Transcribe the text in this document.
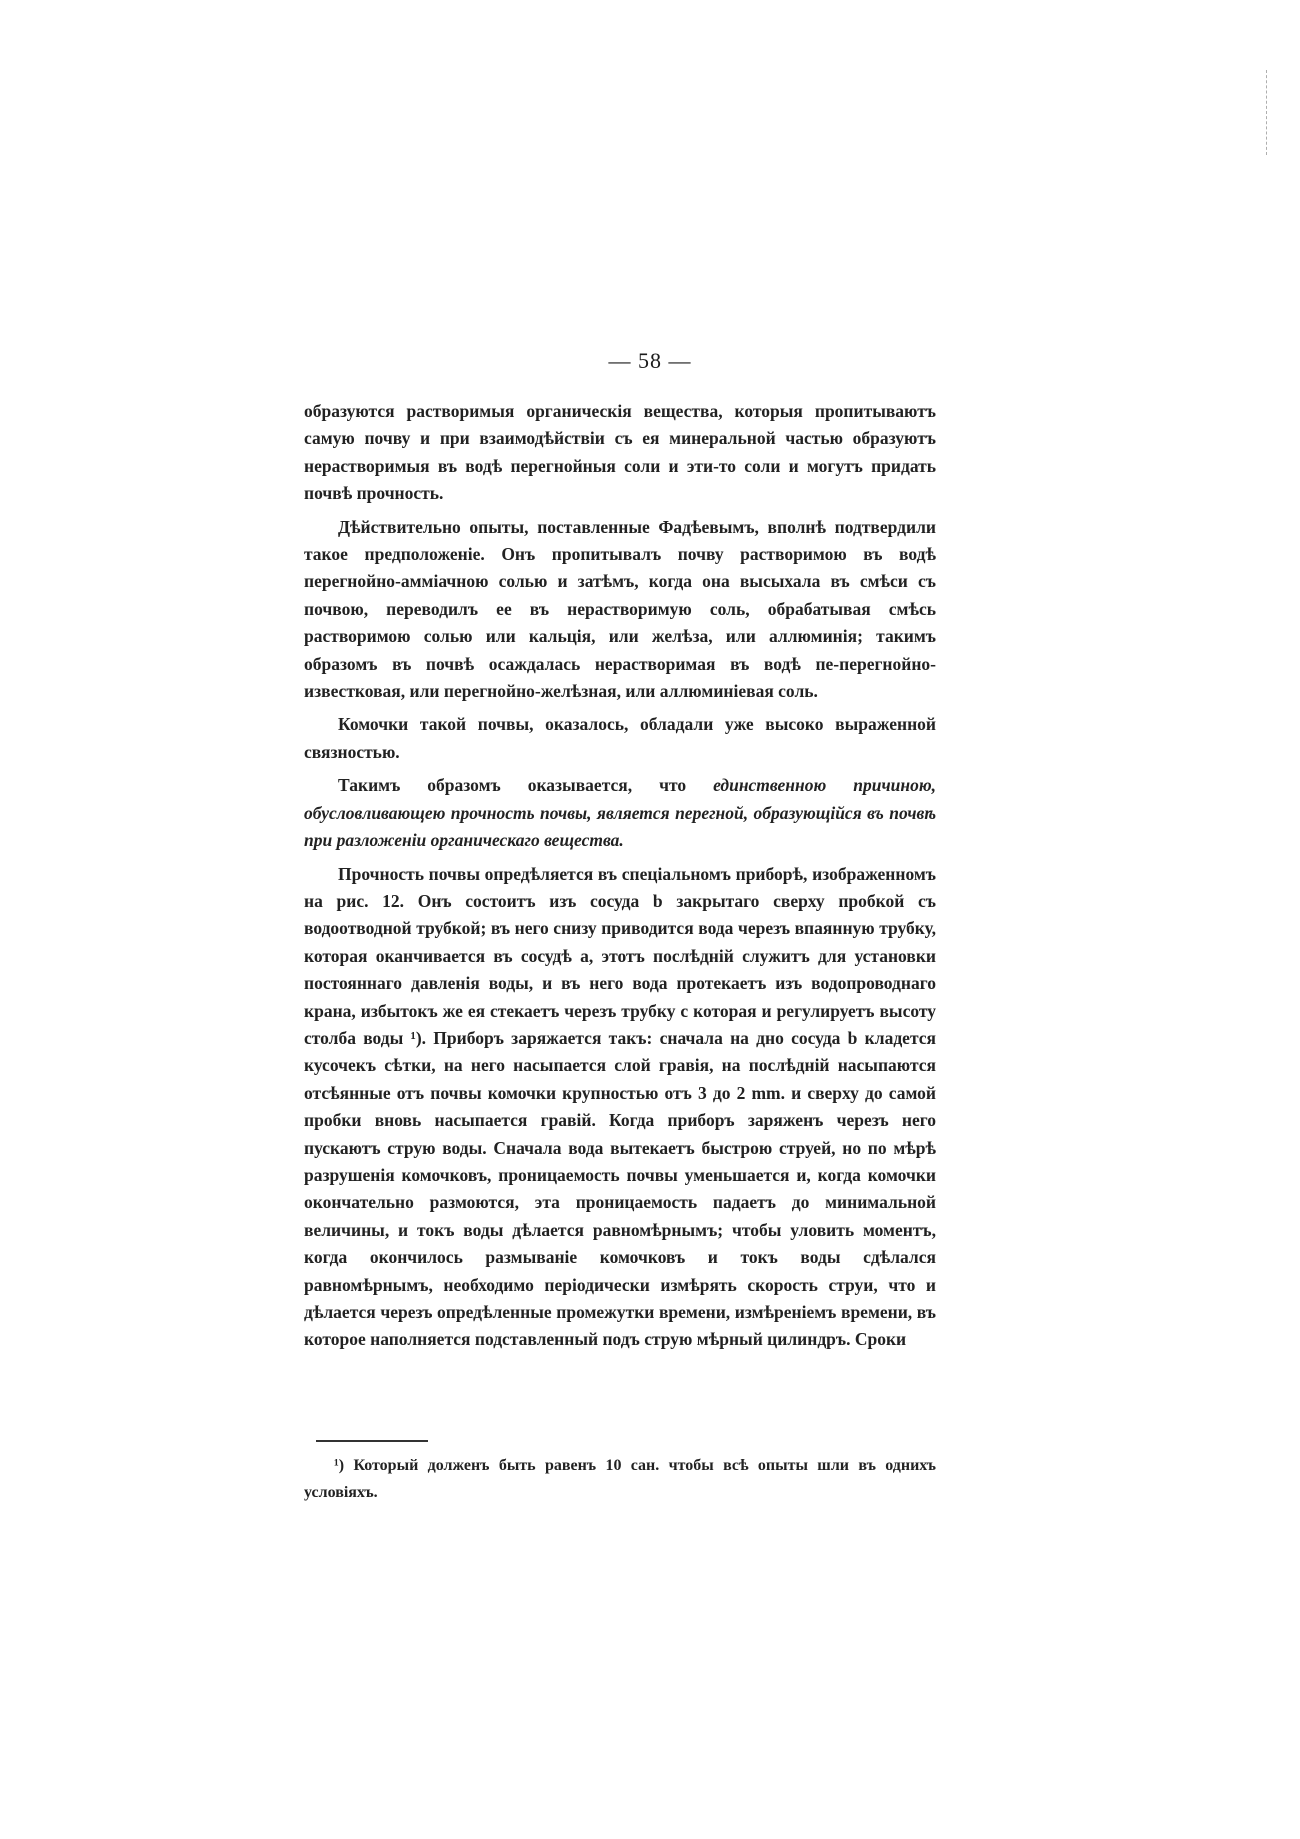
— 58 —

образуются растворимыя органическія вещества, которыя пропитываютъ самую почву и при взаимодѣйствіи съ ея минеральной частью образуютъ нерастворимыя въ водѣ перегнойныя соли и эти-то соли и могутъ придать почвѣ прочность.

Дѣйствительно опыты, поставленные Фадѣевымъ, вполнѣ подтвердили такое предположеніе. Онъ пропитывалъ почву растворимою въ водѣ перегнойно-амміачною солью и затѣмъ, когда она высыхала въ смѣси съ почвою, переводилъ ее въ нерастворимую соль, обрабатывая смѣсь растворимою солью или кальція, или желѣза, или аллюминія; такимъ образомъ въ почвѣ осаждалась нерастворимая въ водѣ пе-перегнойно-известковая, или перегнойно-желѣзная, или аллюминіевая соль.

Комочки такой почвы, оказалось, обладали уже высоко выраженной связностью.

Такимъ образомъ оказывается, что единственною причиною, обусловливающею прочность почвы, является перегной, образующійся въ почвѣ при разложеніи органическаго вещества.

Прочность почвы опредѣляется въ спеціальномъ приборѣ, изображенномъ на рис. 12. Онъ состоитъ изъ сосуда b закрытаго сверху пробкой съ водоотводной трубкой; въ него снизу приводится вода черезъ впаянную трубку, которая оканчивается въ сосудѣ a, этотъ послѣдній служитъ для установки постояннаго давленія воды, и въ него вода протекаетъ изъ водопроводнаго крана, избытокъ же ея стекаетъ черезъ трубку c которая и регулируетъ высоту столба воды ¹). Приборъ заряжается такъ: сначала на дно сосуда b кладется кусочекъ сѣтки, на него насыпается слой гравія, на послѣдній насыпаются отсѣянные отъ почвы комочки крупностью отъ 3 до 2 mm. и сверху до самой пробки вновь насыпается гравій. Когда приборъ заряженъ черезъ него пускаютъ струю воды. Сначала вода вытекаетъ быстрою струей, но по мѣрѣ разрушенія комочковъ, проницаемость почвы уменьшается и, когда комочки окончательно размоются, эта проницаемость падаетъ до минимальной величины, и токъ воды дѣлается равномѣрнымъ; чтобы уловить моментъ, когда окончилось размываніе комочковъ и токъ воды сдѣлался равномѣрнымъ, необходимо періодически измѣрять скорость струи, что и дѣлается черезъ опредѣленные промежутки времени, измѣреніемъ времени, въ которое наполняется подставленный подъ струю мѣрный цилиндръ. Сроки

¹) Который долженъ быть равенъ 10 сан. чтобы всѣ опыты шли въ однихъ условіяхъ.
